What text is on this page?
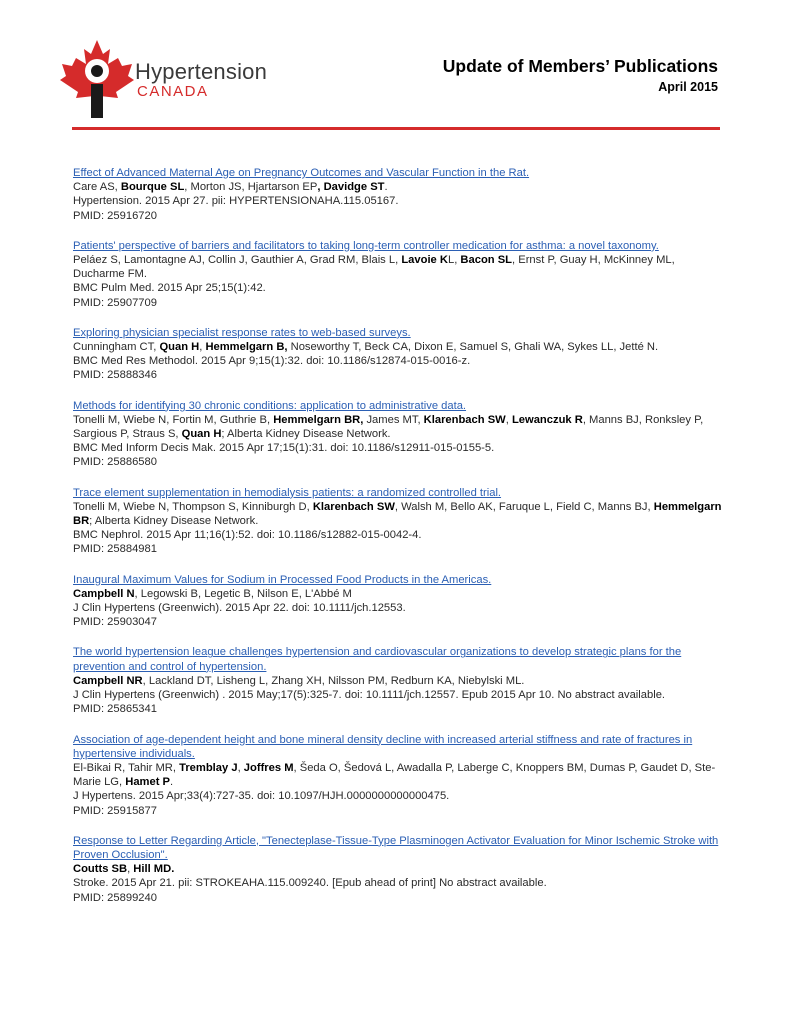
Hypertension
CANADA
Update of Members’ Publications
April 2015
Effect of Advanced Maternal Age on Pregnancy Outcomes and Vascular Function in the Rat.
Care AS, Bourque SL, Morton JS, Hjartarson EP, Davidge ST.
Hypertension. 2015 Apr 27. pii: HYPERTENSIONAHA.115.05167.
PMID: 25916720
Patients' perspective of barriers and facilitators to taking long-term controller medication for asthma: a novel taxonomy.
Peláez S, Lamontagne AJ, Collin J, Gauthier A, Grad RM, Blais L, Lavoie KL, Bacon SL, Ernst P, Guay H, McKinney ML, Ducharme FM.
BMC Pulm Med. 2015 Apr 25;15(1):42.
PMID: 25907709
Exploring physician specialist response rates to web-based surveys.
Cunningham CT, Quan H, Hemmelgarn B, Noseworthy T, Beck CA, Dixon E, Samuel S, Ghali WA, Sykes LL, Jetté N.
BMC Med Res Methodol. 2015 Apr 9;15(1):32. doi: 10.1186/s12874-015-0016-z.
PMID: 25888346
Methods for identifying 30 chronic conditions: application to administrative data.
Tonelli M, Wiebe N, Fortin M, Guthrie B, Hemmelgarn BR, James MT, Klarenbach SW, Lewanczuk R, Manns BJ, Ronksley P, Sargious P, Straus S, Quan H; Alberta Kidney Disease Network.
BMC Med Inform Decis Mak. 2015 Apr 17;15(1):31. doi: 10.1186/s12911-015-0155-5.
PMID: 25886580
Trace element supplementation in hemodialysis patients: a randomized controlled trial.
Tonelli M, Wiebe N, Thompson S, Kinniburgh D, Klarenbach SW, Walsh M, Bello AK, Faruque L, Field C, Manns BJ, Hemmelgarn BR; Alberta Kidney Disease Network.
BMC Nephrol. 2015 Apr 11;16(1):52. doi: 10.1186/s12882-015-0042-4.
PMID: 25884981
Inaugural Maximum Values for Sodium in Processed Food Products in the Americas.
Campbell N, Legowski B, Legetic B, Nilson E, L'Abbé M
J Clin Hypertens (Greenwich). 2015 Apr 22. doi: 10.1111/jch.12553.
PMID: 25903047
The world hypertension league challenges hypertension and cardiovascular organizations to develop strategic plans for the prevention and control of hypertension.
Campbell NR, Lackland DT, Lisheng L, Zhang XH, Nilsson PM, Redburn KA, Niebylski ML.
J Clin Hypertens (Greenwich) . 2015 May;17(5):325-7. doi: 10.1111/jch.12557. Epub 2015 Apr 10. No abstract available.
PMID: 25865341
Association of age-dependent height and bone mineral density decline with increased arterial stiffness and rate of fractures in hypertensive individuals.
El-Bikai R, Tahir MR, Tremblay J, Joffres M, Šeda O, Šedová L, Awadalla P, Laberge C, Knoppers BM, Dumas P, Gaudet D, Ste-Marie LG, Hamet P.
J Hypertens. 2015 Apr;33(4):727-35. doi: 10.1097/HJH.0000000000000475.
PMID: 25915877
Response to Letter Regarding Article, "Tenecteplase-Tissue-Type Plasminogen Activator Evaluation for Minor Ischemic Stroke with Proven Occlusion".
Coutts SB, Hill MD.
Stroke. 2015 Apr 21. pii: STROKEAHA.115.009240. [Epub ahead of print] No abstract available.
PMID: 25899240
